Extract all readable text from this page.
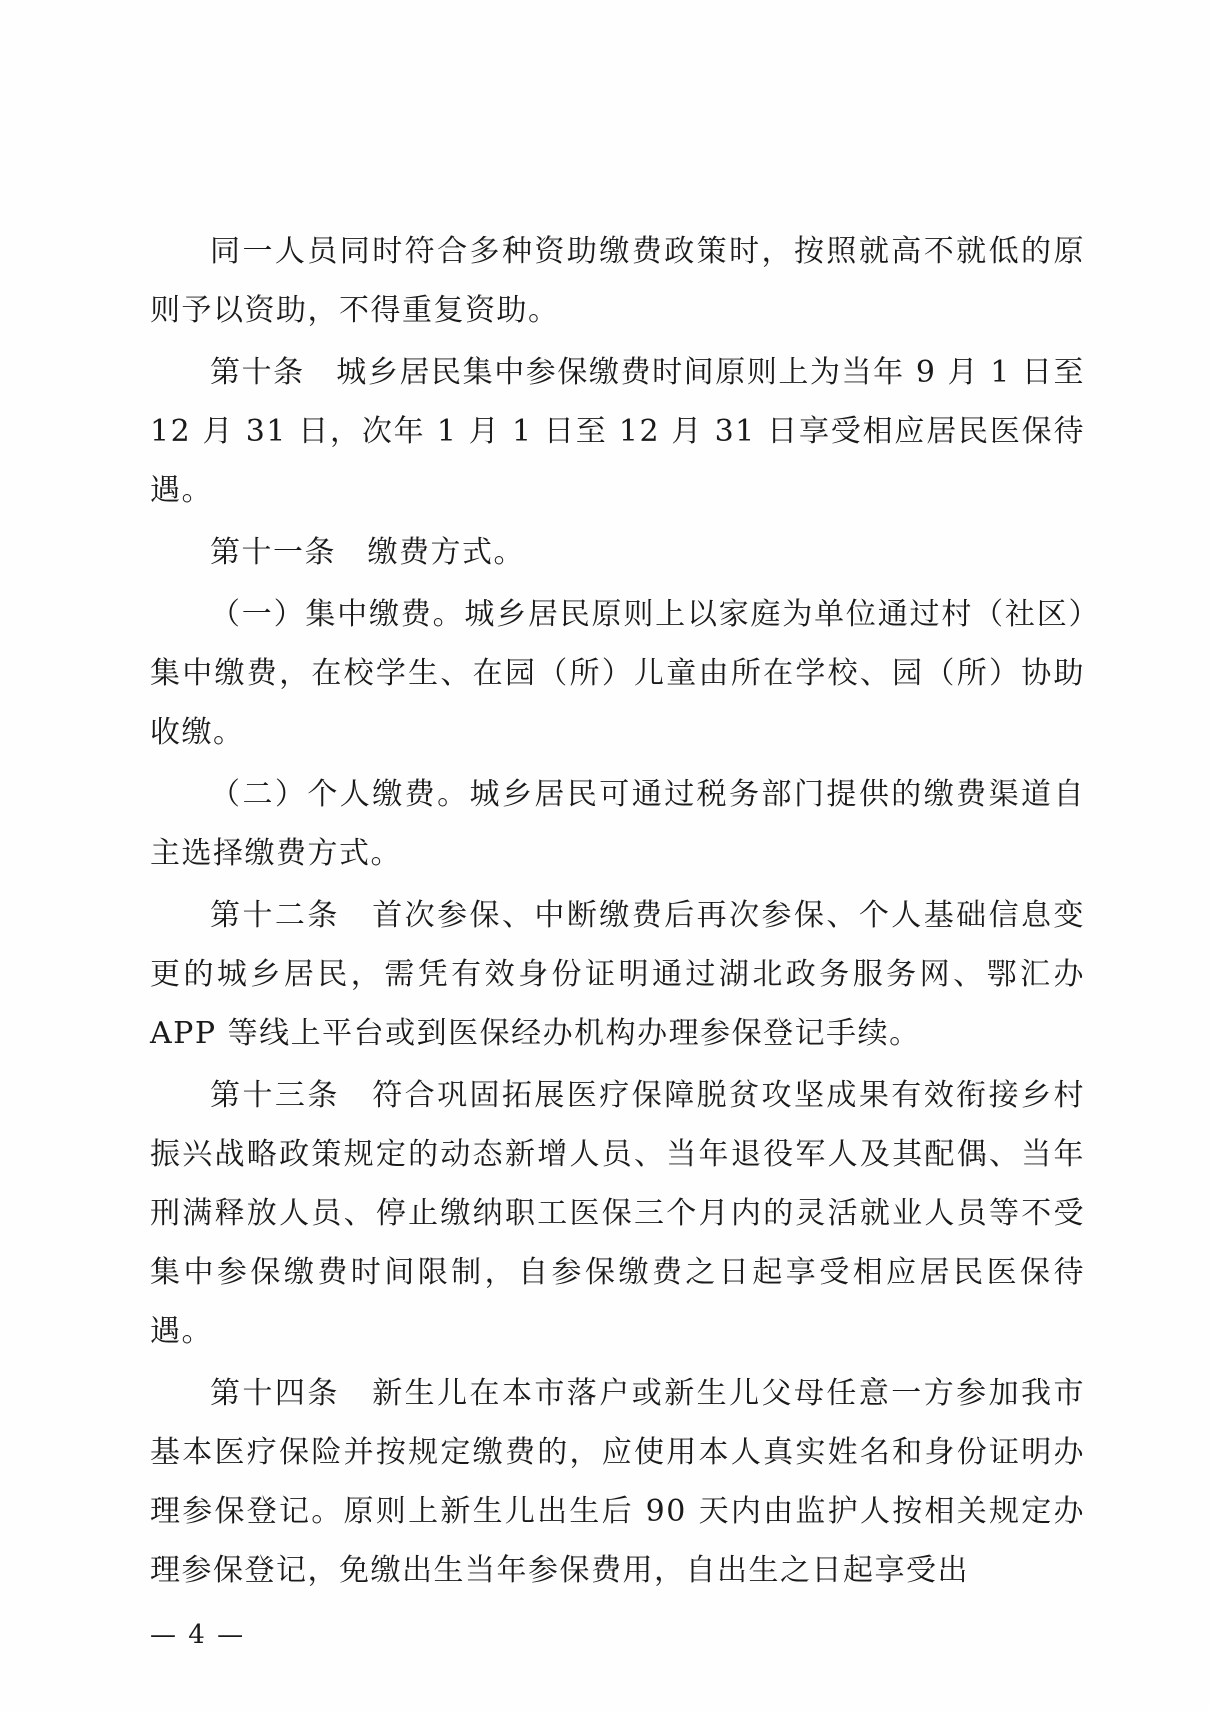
同一人员同时符合多种资助缴费政策时，按照就高不就低的原则予以资助，不得重复资助。

第十条　城乡居民集中参保缴费时间原则上为当年 9 月 1 日至 12 月 31 日，次年 1 月 1 日至 12 月 31 日享受相应居民医保待遇。

第十一条　缴费方式。

（一）集中缴费。城乡居民原则上以家庭为单位通过村（社区）集中缴费，在校学生、在园（所）儿童由所在学校、园（所）协助收缴。

（二）个人缴费。城乡居民可通过税务部门提供的缴费渠道自主选择缴费方式。

第十二条　首次参保、中断缴费后再次参保、个人基础信息变更的城乡居民，需凭有效身份证明通过湖北政务服务网、鄂汇办 APP 等线上平台或到医保经办机构办理参保登记手续。

第十三条　符合巩固拓展医疗保障脱贫攻坚成果有效衔接乡村振兴战略政策规定的动态新增人员、当年退役军人及其配偶、当年刑满释放人员、停止缴纳职工医保三个月内的灵活就业人员等不受集中参保缴费时间限制，自参保缴费之日起享受相应居民医保待遇。

第十四条　新生儿在本市落户或新生儿父母任意一方参加我市基本医疗保险并按规定缴费的，应使用本人真实姓名和身份证明办理参保登记。原则上新生儿出生后 90 天内由监护人按相关规定办理参保登记，免缴出生当年参保费用，自出生之日起享受出

— 4 —
